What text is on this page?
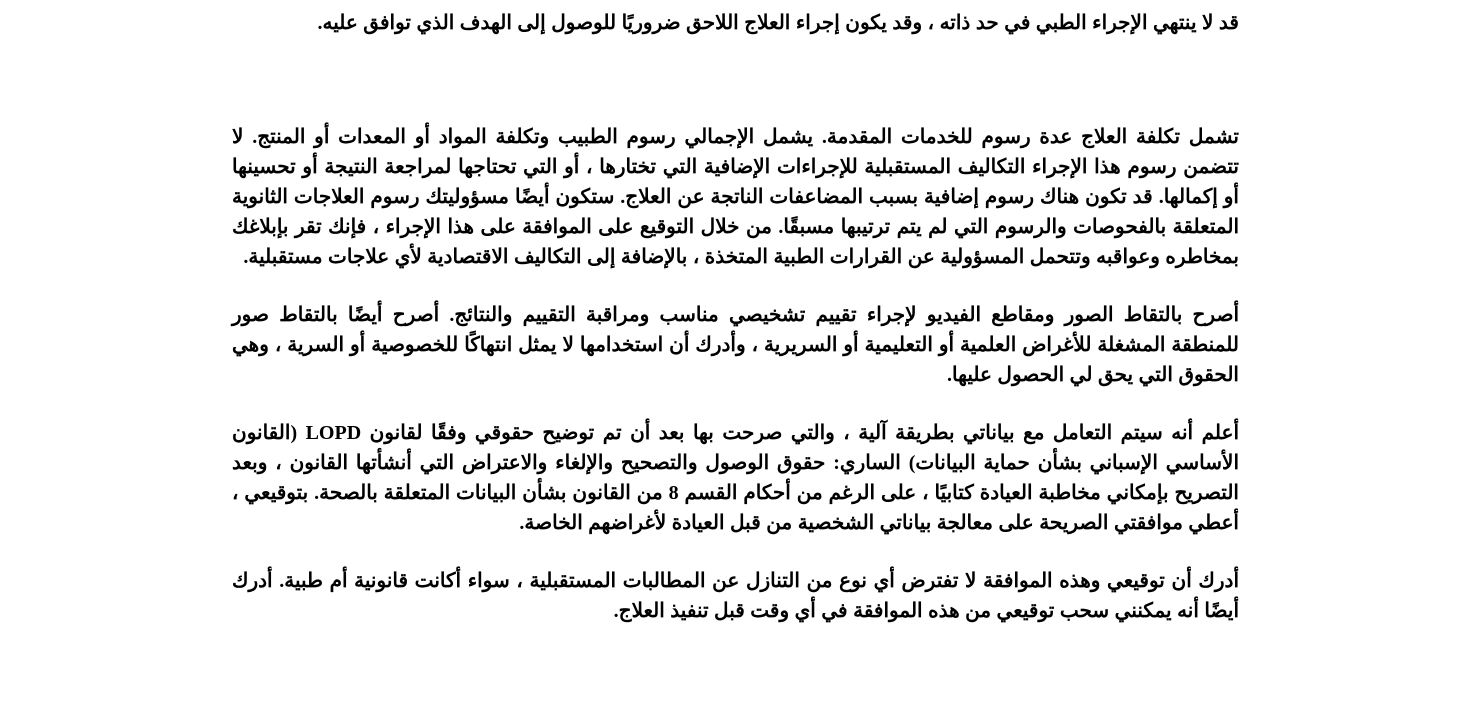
قد لا ينتهي الإجراء الطبي في حد ذاته ، وقد يكون إجراء العلاج اللاحق ضروريًا للوصول إلى الهدف الذي توافق عليه.

تشمل تكلفة العلاج عدة رسوم للخدمات المقدمة. يشمل الإجمالي رسوم الطبيب وتكلفة المواد أو المعدات أو المنتج. لا تتضمن رسوم هذا الإجراء التكاليف المستقبلية للإجراءات الإضافية التي تختارها ، أو التي تحتاجها لمراجعة النتيجة أو تحسينها أو إكمالها. قد تكون هناك رسوم إضافية بسبب المضاعفات الناتجة عن العلاج. ستكون أيضًا مسؤوليتك رسوم العلاجات الثانوية المتعلقة بالفحوصات والرسوم التي لم يتم ترتيبها مسبقًا. من خلال التوقيع على الموافقة على هذا الإجراء ، فإنك تقر بإبلاغك بمخاطره وعواقبه وتتحمل المسؤولية عن القرارات الطبية المتخذة ، بالإضافة إلى التكاليف الاقتصادية لأي علاجات مستقبلية.

أصرح بالتقاط الصور ومقاطع الفيديو لإجراء تقييم تشخيصي مناسب ومراقبة التقييم والنتائج. أصرح أيضًا بالتقاط صور للمنطقة المشغلة للأغراض العلمية أو التعليمية أو السريرية ، وأدرك أن استخدامها لا يمثل انتهاكًا للخصوصية أو السرية ، وهي الحقوق التي يحق لي الحصول عليها.

أعلم أنه سيتم التعامل مع بياناتي بطريقة آلية ، والتي صرحت بها بعد أن تم توضيح حقوقي وفقًا لقانون LOPD (القانون الأساسي الإسباني بشأن حماية البيانات) الساري: حقوق الوصول والتصحيح والإلغاء والاعتراض التي أنشأتها القانون ، وبعد التصريح بإمكاني مخاطبة العيادة كتابيًا ، على الرغم من أحكام القسم 8 من القانون بشأن البيانات المتعلقة بالصحة. بتوقيعي ، أعطي موافقتي الصريحة على معالجة بياناتي الشخصية من قبل العيادة لأغراضهم الخاصة.

أدرك أن توقيعي وهذه الموافقة لا تفترض أي نوع من التنازل عن المطالبات المستقبلية ، سواء أكانت قانونية أم طبية. أدرك أيضًا أنه يمكنني سحب توقيعي من هذه الموافقة في أي وقت قبل تنفيذ العلاج.
